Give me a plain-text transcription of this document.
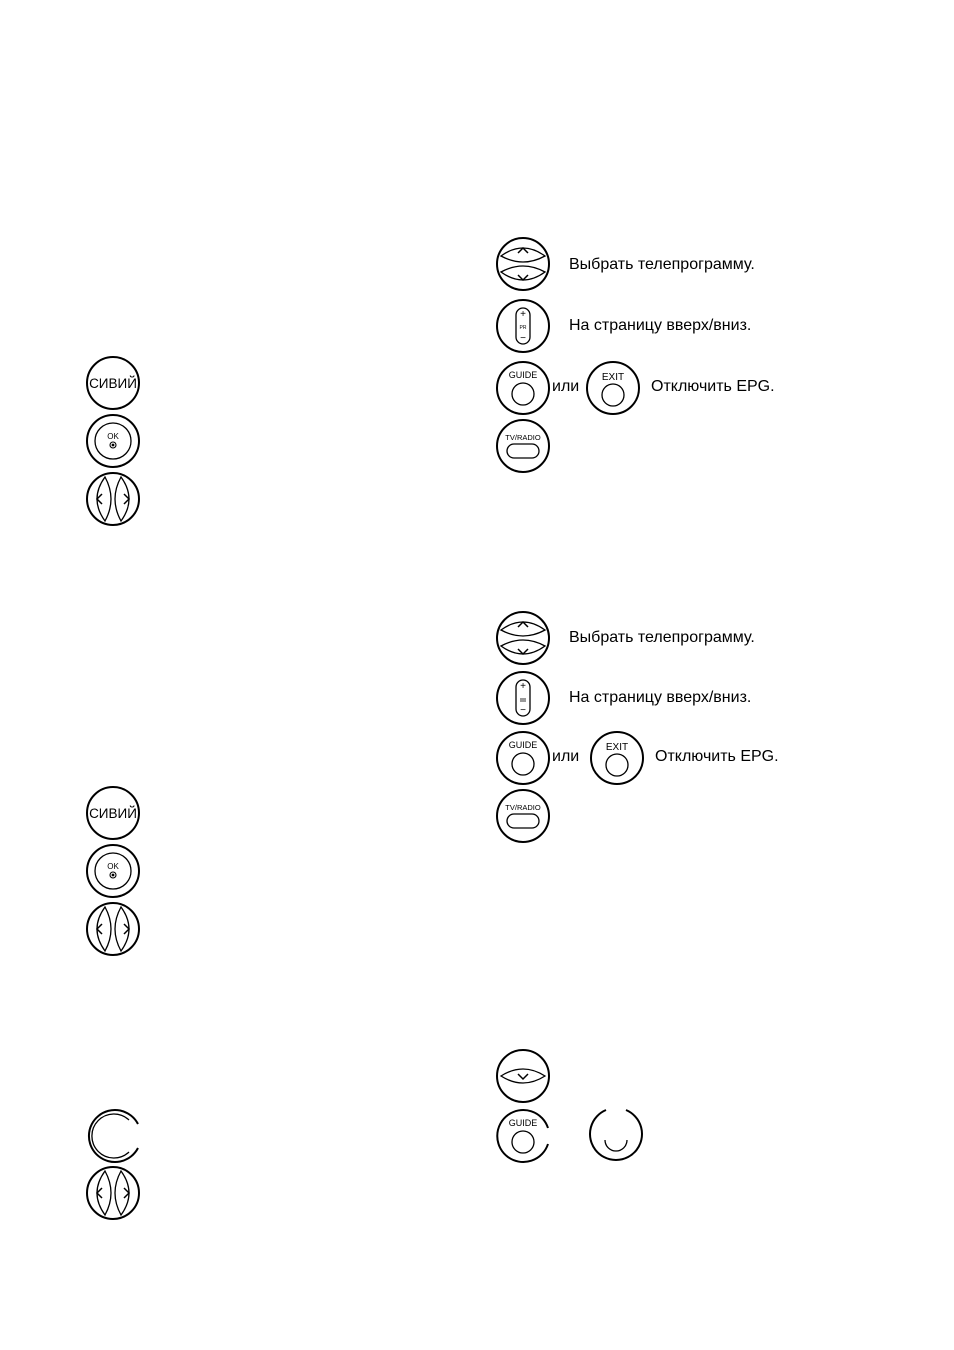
Выбрать телепрограмму.
+
PR
−
На страницу вверх/вниз.
GUIDE
или
EXIT
Отключить EPG.
TV/RADIO
СИВИЙ
OK
Выбрать телепрограмму.
+
−
На страницу вверх/вниз.
GUIDE
или
EXIT
Отключить EPG.
TV/RADIO
СИВИЙ
OK
GUIDE
